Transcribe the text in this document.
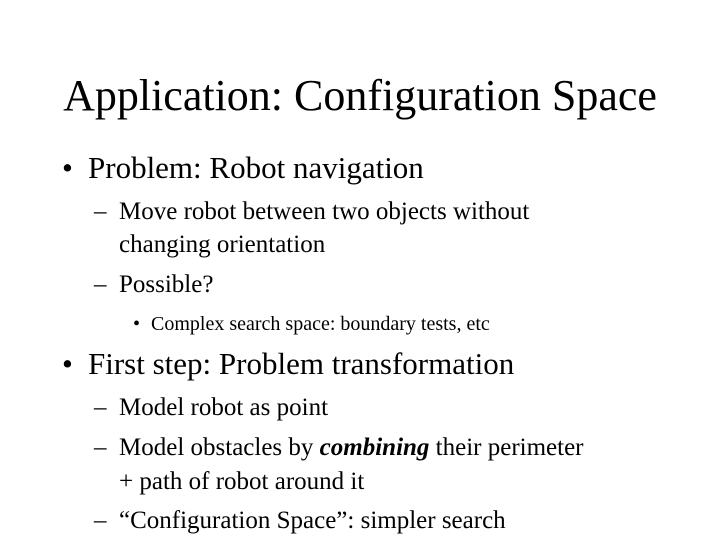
Application: Configuration Space
• Problem: Robot navigation
– Move robot between two objects without
changing orientation
– Possible?
• Complex search space: boundary tests, etc
• First step: Problem transformation
– Model robot as point
– Model obstacles by combining their perimeter
+ path of robot around it
– “Configuration Space”: simpler search
